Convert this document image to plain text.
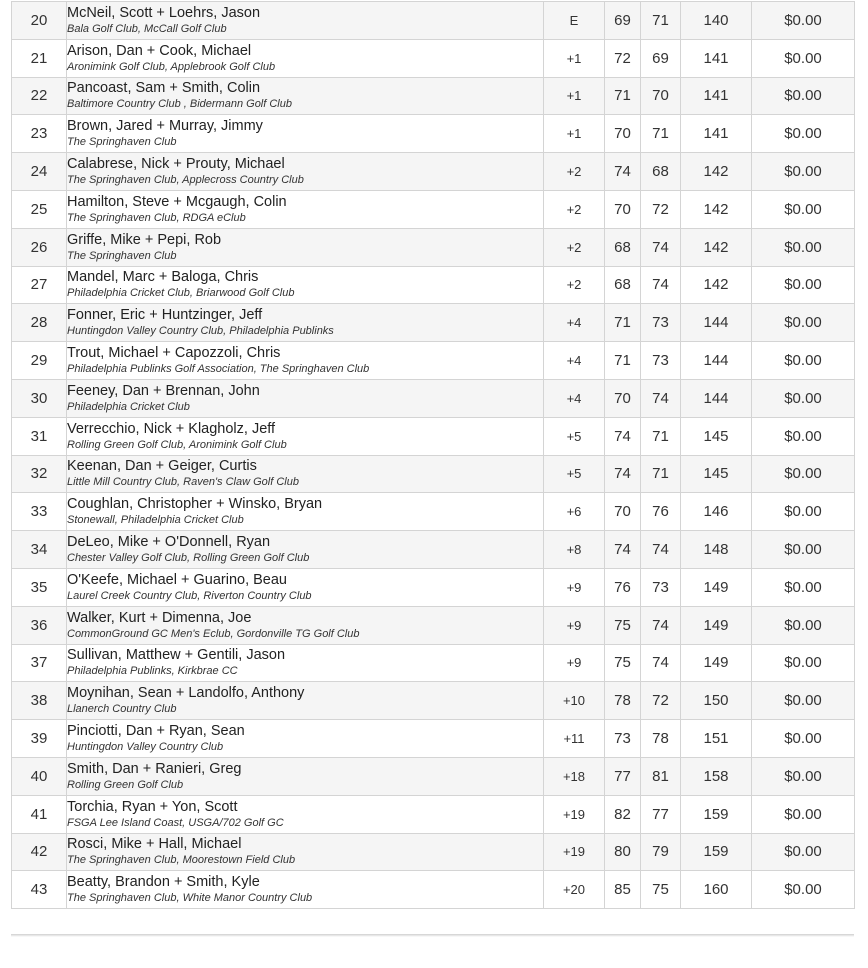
20	McNeil, Scott + Loehrs, Jason
Bala Golf Club, McCall Golf Club	E	69	71	140	$0.00
21	Arison, Dan + Cook, Michael
Aronimink Golf Club, Applebrook Golf Club	+1	72	69	141	$0.00
22	Pancoast, Sam + Smith, Colin
Baltimore Country Club , Bidermann Golf Club	+1	71	70	141	$0.00
23	Brown, Jared + Murray, Jimmy
The Springhaven Club	+1	70	71	141	$0.00
24	Calabrese, Nick + Prouty, Michael
The Springhaven Club, Applecross Country Club	+2	74	68	142	$0.00
25	Hamilton, Steve + Mcgaugh, Colin
The Springhaven Club, RDGA eClub	+2	70	72	142	$0.00
26	Griffe, Mike + Pepi, Rob
The Springhaven Club	+2	68	74	142	$0.00
27	Mandel, Marc + Baloga, Chris
Philadelphia Cricket Club, Briarwood Golf Club	+2	68	74	142	$0.00
28	Fonner, Eric + Huntzinger, Jeff
Huntingdon Valley Country Club, Philadelphia Publinks	+4	71	73	144	$0.00
29	Trout, Michael + Capozzoli, Chris
Philadelphia Publinks Golf Association, The Springhaven Club	+4	71	73	144	$0.00
30	Feeney, Dan + Brennan, John
Philadelphia Cricket Club	+4	70	74	144	$0.00
31	Verrecchio, Nick + Klagholz, Jeff
Rolling Green Golf Club, Aronimink Golf Club	+5	74	71	145	$0.00
32	Keenan, Dan + Geiger, Curtis
Little Mill Country Club, Raven's Claw Golf Club	+5	74	71	145	$0.00
33	Coughlan, Christopher + Winsko, Bryan
Stonewall, Philadelphia Cricket Club	+6	70	76	146	$0.00
34	DeLeo, Mike + O'Donnell, Ryan
Chester Valley Golf Club, Rolling Green Golf Club	+8	74	74	148	$0.00
35	O'Keefe, Michael + Guarino, Beau
Laurel Creek Country Club, Riverton Country Club	+9	76	73	149	$0.00
36	Walker, Kurt + Dimenna, Joe
CommonGround GC Men's Eclub, Gordonville TG Golf Club	+9	75	74	149	$0.00
37	Sullivan, Matthew + Gentili, Jason
Philadelphia Publinks, Kirkbrae CC	+9	75	74	149	$0.00
38	Moynihan, Sean + Landolfo, Anthony
Llanerch Country Club	+10	78	72	150	$0.00
39	Pinciotti, Dan + Ryan, Sean
Huntingdon Valley Country Club	+11	73	78	151	$0.00
40	Smith, Dan + Ranieri, Greg
Rolling Green Golf Club	+18	77	81	158	$0.00
41	Torchia, Ryan + Yon, Scott
FSGA Lee Island Coast, USGA/702 Golf GC	+19	82	77	159	$0.00
42	Rosci, Mike + Hall, Michael
The Springhaven Club, Moorestown Field Club	+19	80	79	159	$0.00
43	Beatty, Brandon + Smith, Kyle
The Springhaven Club, White Manor Country Club	+20	85	75	160	$0.00
